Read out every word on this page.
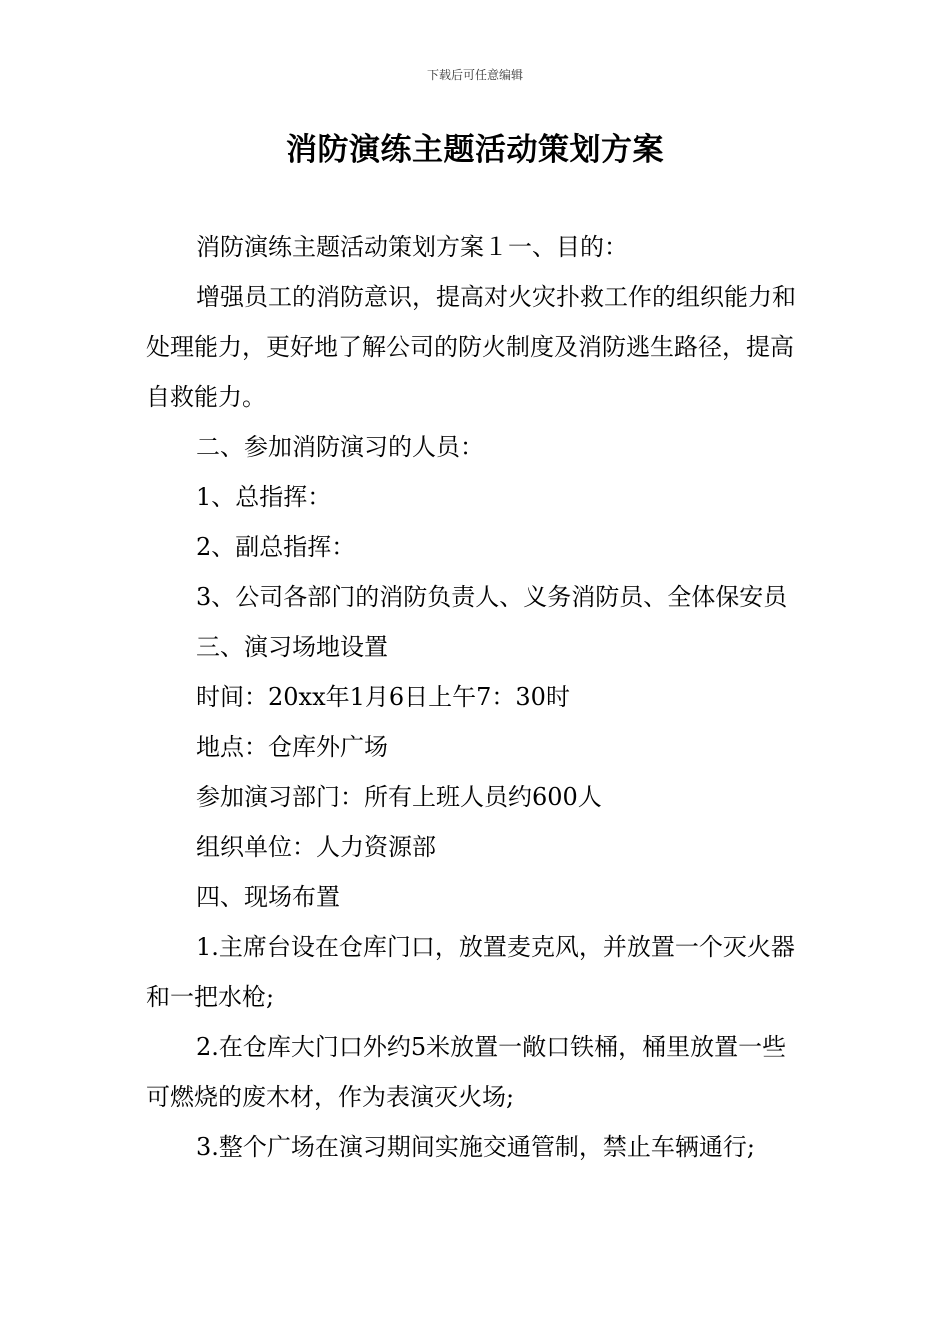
下载后可任意编辑
消防演练主题活动策划方案

消防演练主题活动策划方案１一、目的：

增强员工的消防意识，提高对火灾扑救工作的组织能力和处理能力，更好地了解公司的防火制度及消防逃生路径，提高自救能力。

二、参加消防演习的人员：

1、总指挥：

2、副总指挥：

3、公司各部门的消防负责人、义务消防员、全体保安员

三、演习场地设置

时间：20xx年1月6日上午7：30时

地点：仓库外广场

参加演习部门：所有上班人员约600人

组织单位：人力资源部

四、现场布置

1.主席台设在仓库门口，放置麦克风，并放置一个灭火器和一把水枪;

2.在仓库大门口外约5米放置一敞口铁桶，桶里放置一些可燃烧的废木材，作为表演灭火场;

3.整个广场在演习期间实施交通管制，禁止车辆通行;
